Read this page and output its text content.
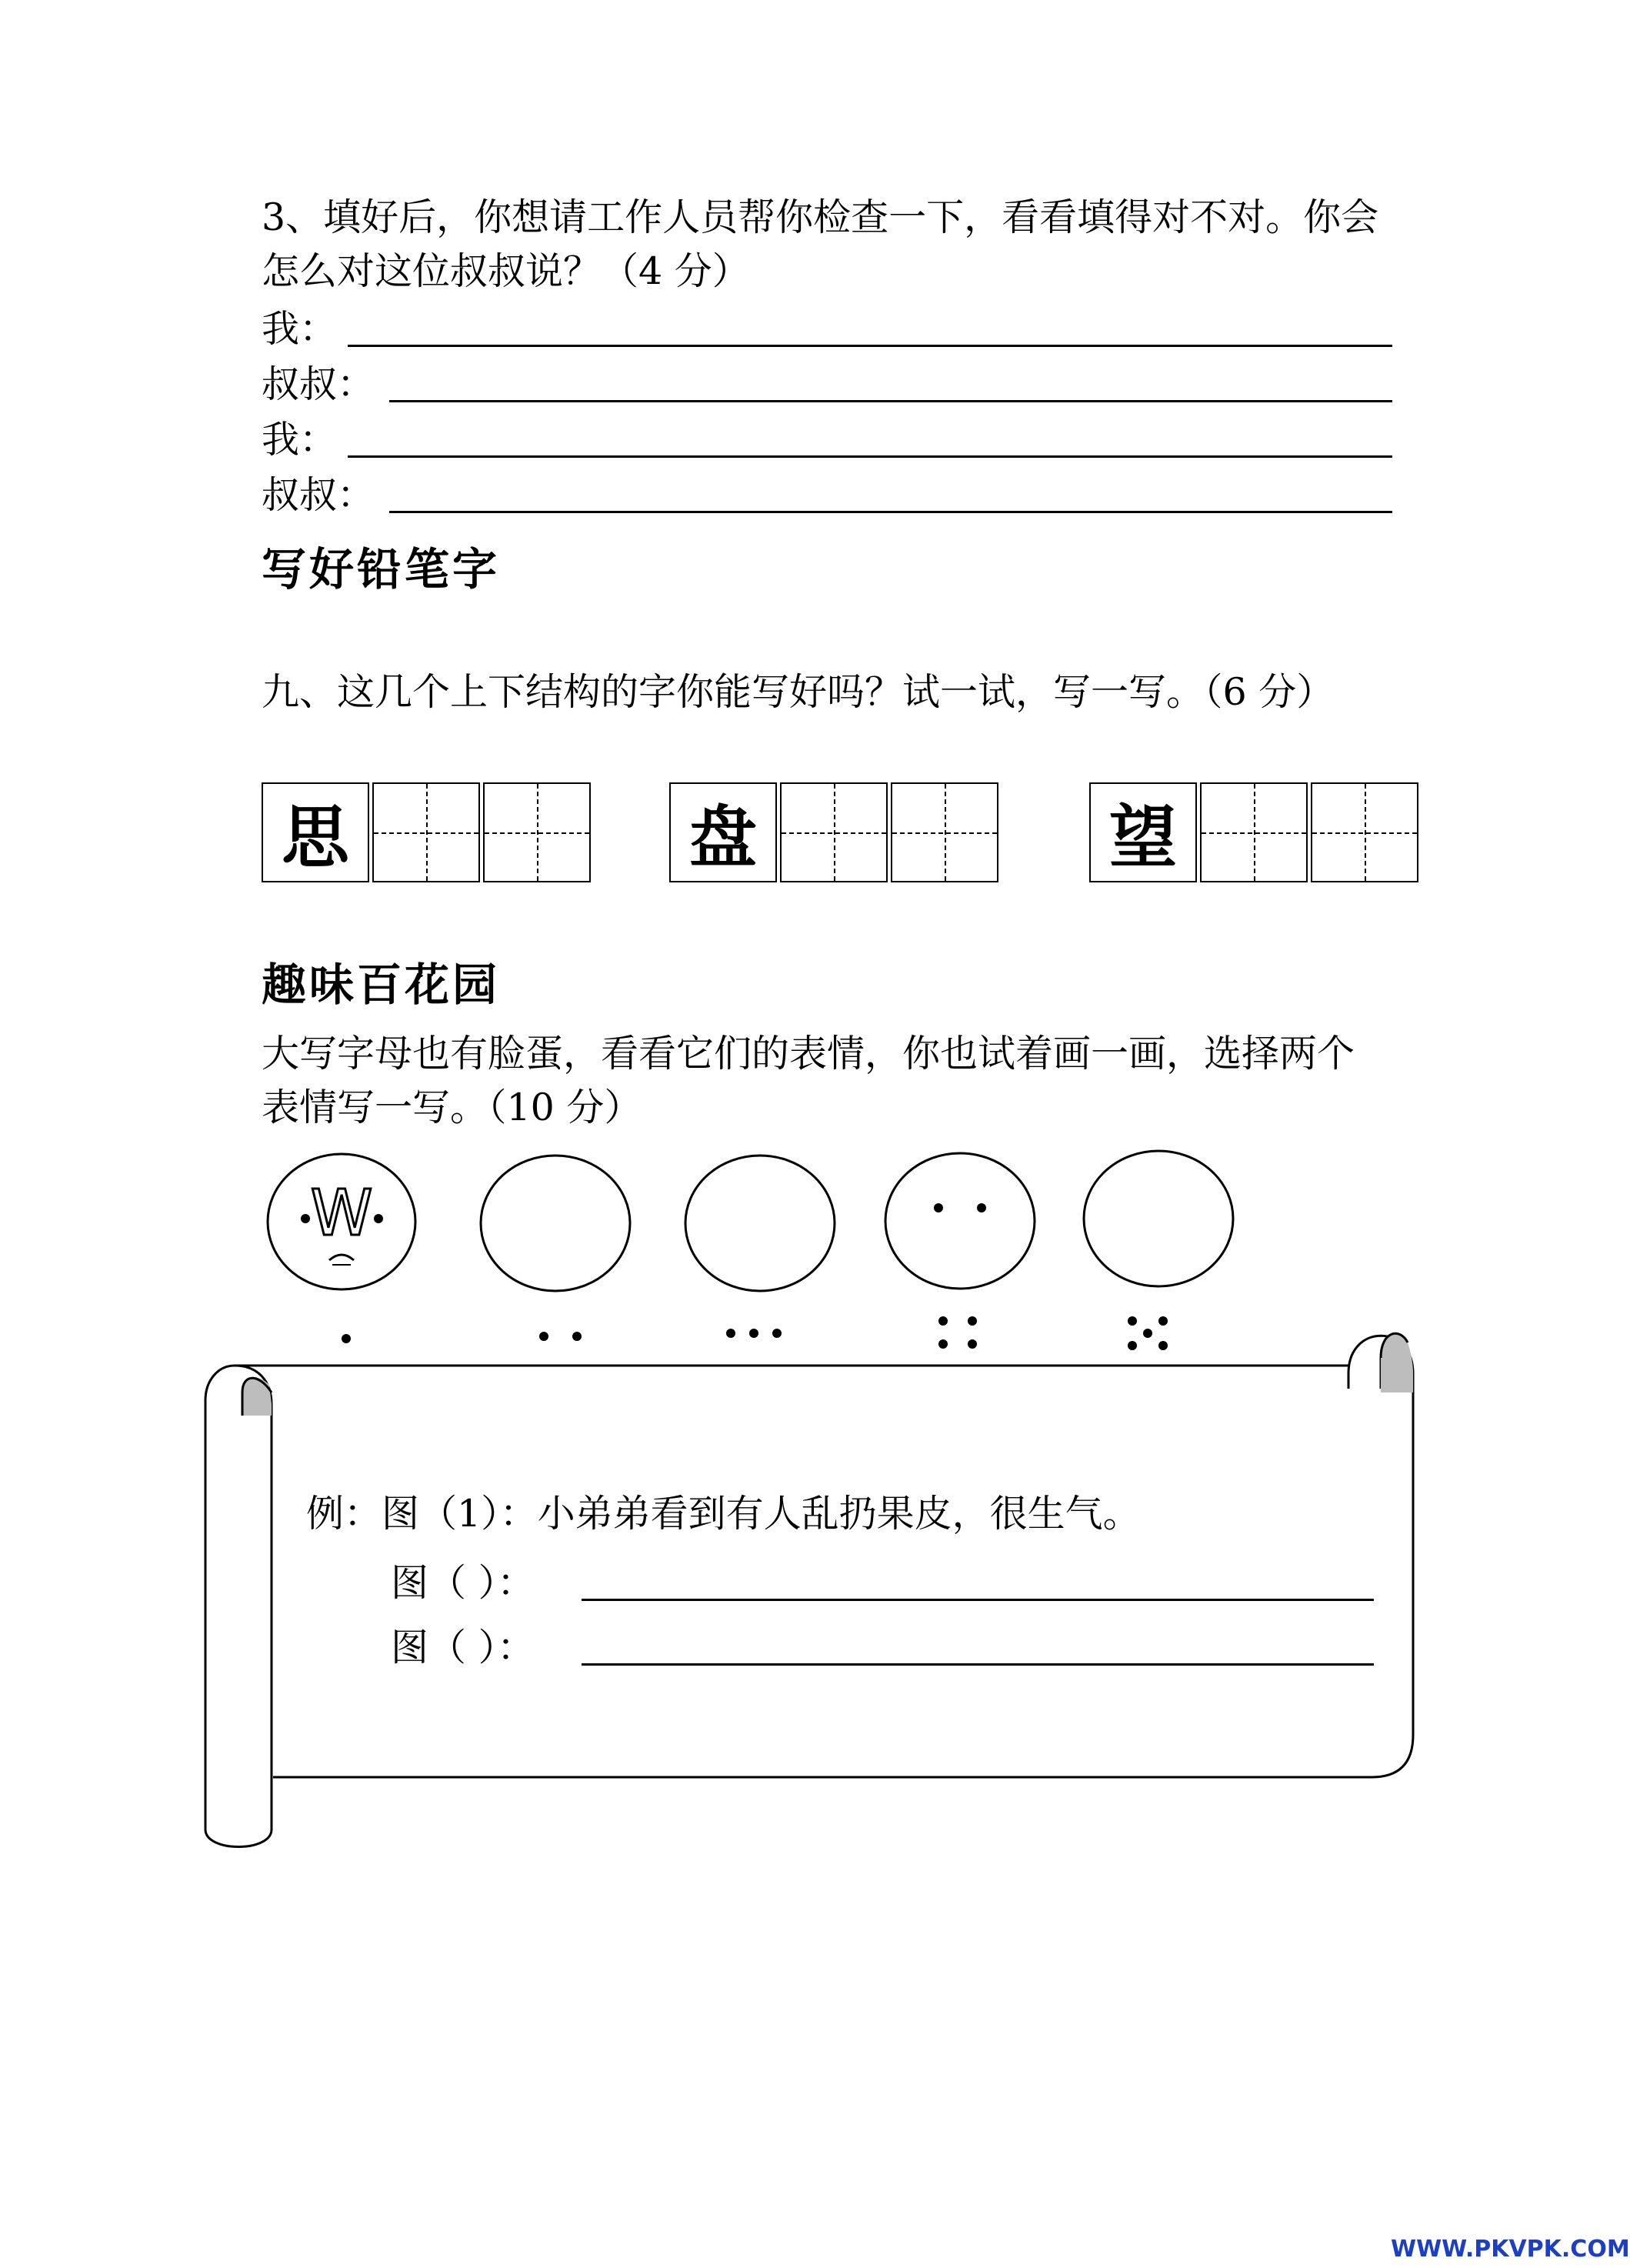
3、填好后，你想请工作人员帮你检查一下，看看填得对不对。你会
怎么对这位叔叔说？（4 分）
我：
叔叔：
我：
叔叔：
写好铅笔字
九、这几个上下结构的字你能写好吗？试一试，写一写。（6 分）
思	盘	望
趣味百花园
大写字母也有脸蛋，看看它们的表情，你也试着画一画，选择两个
表情写一写。（10 分）
W
例：图（1）：小弟弟看到有人乱扔果皮，很生气。
图（ ）：
图（ ）：
WWW.PKVPK.COM
